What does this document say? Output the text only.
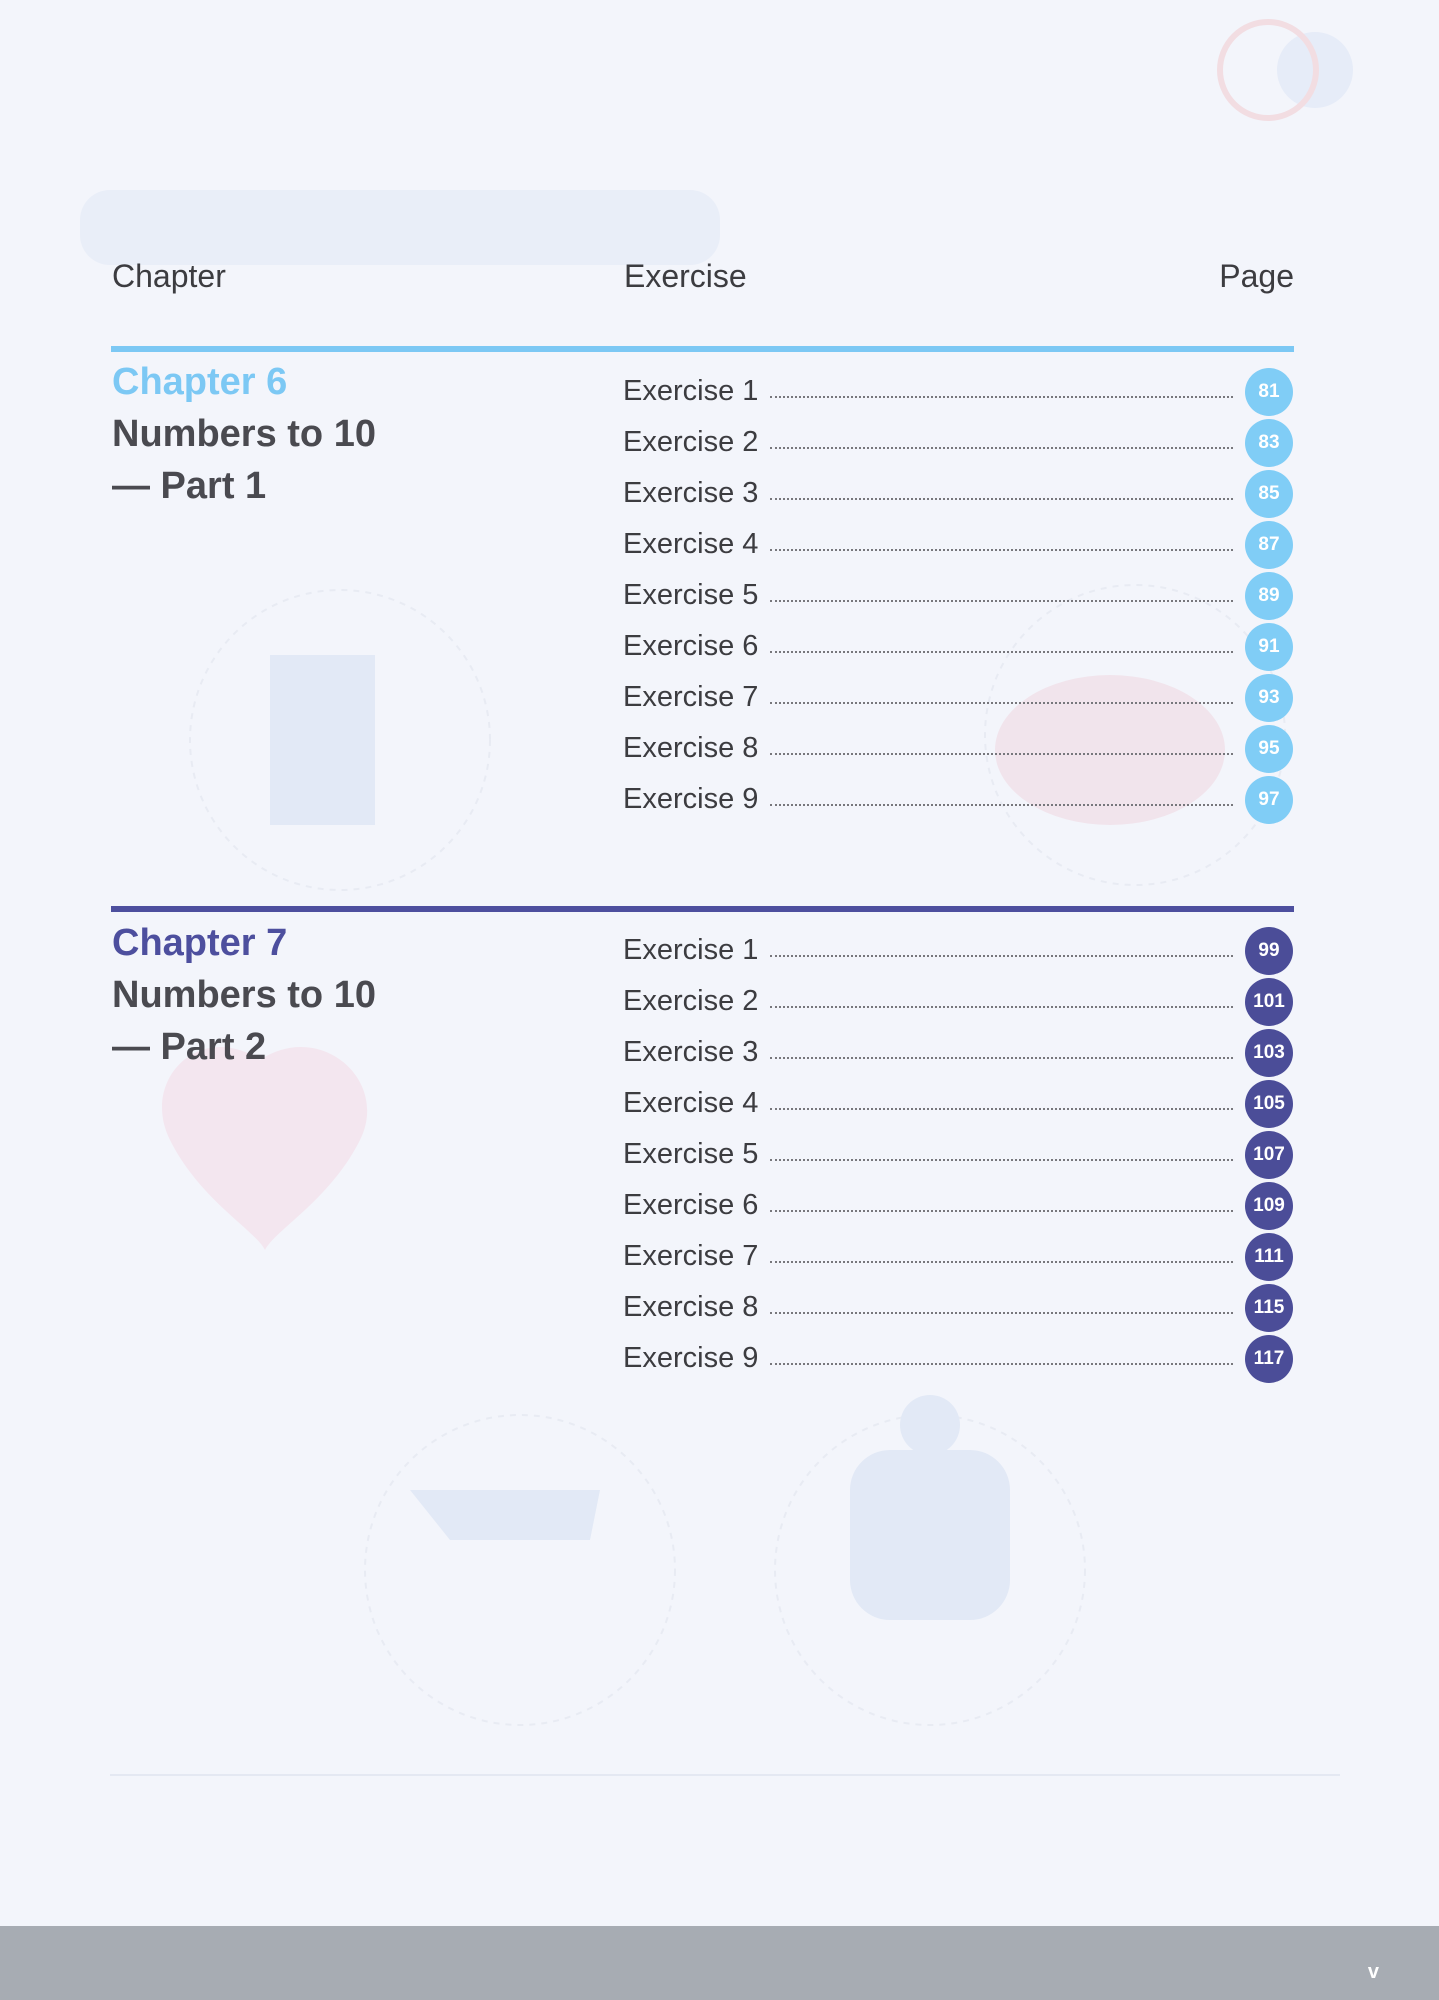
Chapter	Exercise	Page
Chapter 6
Numbers to 10
— Part 1
Exercise 1	81
Exercise 2	83
Exercise 3	85
Exercise 4	87
Exercise 5	89
Exercise 6	91
Exercise 7	93
Exercise 8	95
Exercise 9	97
Chapter 7
Numbers to 10
— Part 2
Exercise 1	99
Exercise 2	101
Exercise 3	103
Exercise 4	105
Exercise 5	107
Exercise 6	109
Exercise 7	111
Exercise 8	115
Exercise 9	117
v
